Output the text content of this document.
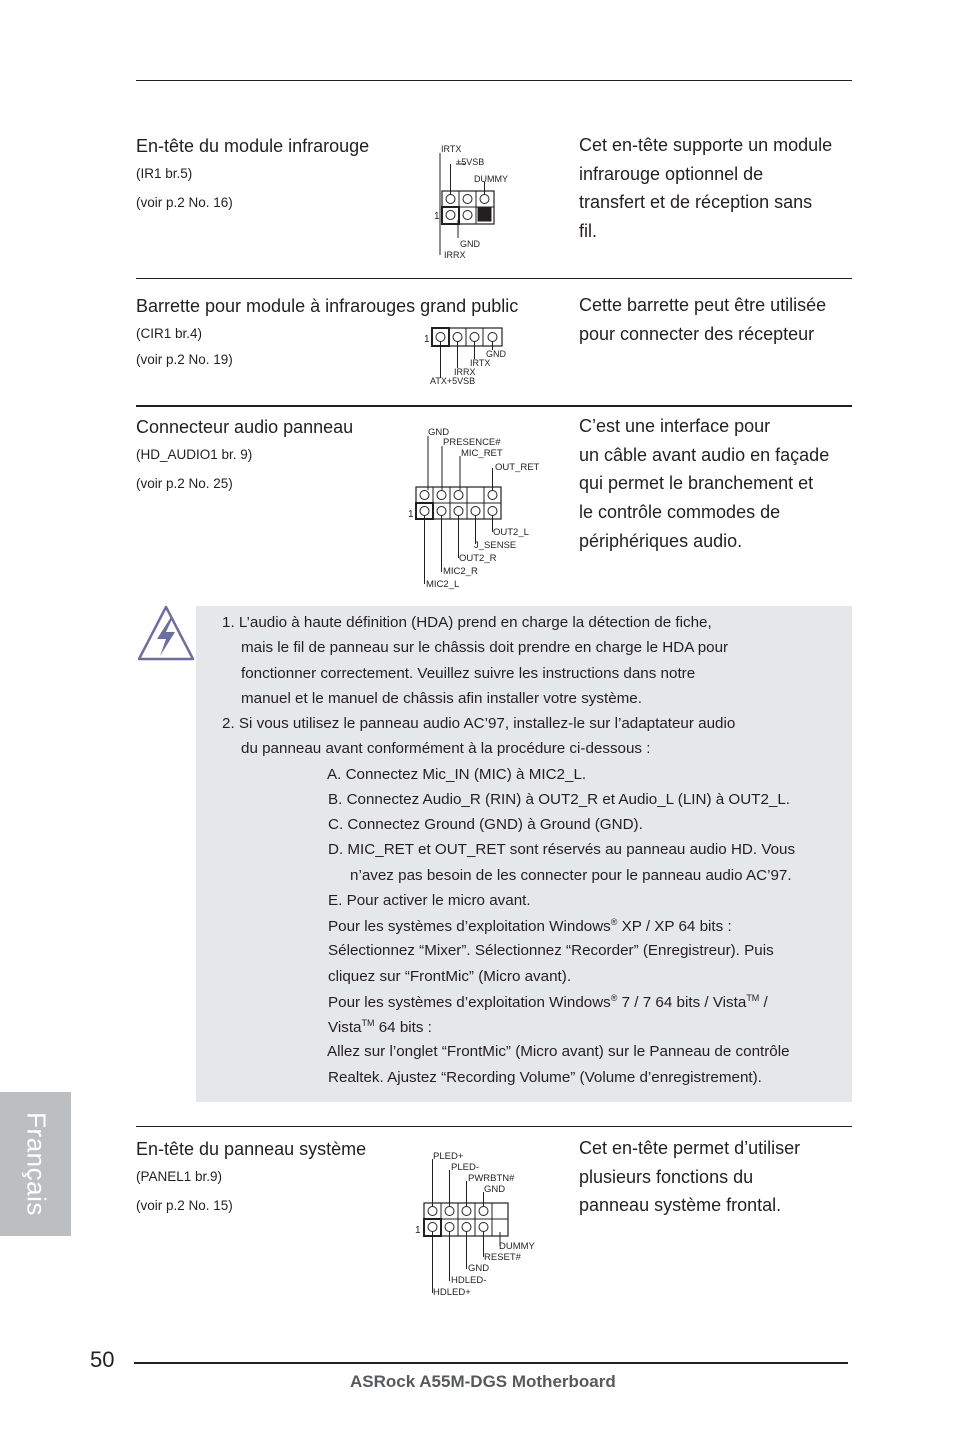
En-tête du module infrarouge
(IR1 br.5)
(voir p.2 No. 16)
Cet en-tête supporte un module
infrarouge optionnel de
transfert et de réception sans
fil.
IRTX
+5VSB
DUMMY
1
GND
IRRX
Barrette pour module à infrarouges grand public
(CIR1 br.4)
(voir p.2 No. 19)
Cette barrette peut être utilisée
pour connecter des récepteur
1
GND
IRTX
IRRX
ATX+5VSB
Connecteur audio panneau
(HD_AUDIO1 br. 9)
(voir p.2 No. 25)
C’est une interface pour
un câble avant audio en façade
qui permet le branchement et
le contrôle commodes de
périphériques audio.
GND
PRESENCE#
MIC_RET
OUT_RET
1
OUT2_L
J_SENSE
OUT2_R
MIC2_R
MIC2_L
1. L’audio à haute définition (HDA) prend en charge la détection de fiche,
mais le fil de panneau sur le châssis doit prendre en charge le HDA pour
fonctionner correctement. Veuillez suivre les instructions dans notre
manuel et le manuel de châssis afin installer votre système.
2. Si vous utilisez le panneau audio AC’97, installez-le sur l’adaptateur audio
du panneau avant conformément à la procédure ci-dessous :
A. Connectez Mic_IN (MIC) à MIC2_L.
B. Connectez Audio_R (RIN) à OUT2_R et Audio_L (LIN) à OUT2_L.
C. Connectez Ground (GND) à Ground (GND).
D. MIC_RET et OUT_RET sont réservés au panneau audio HD. Vous
n’avez pas besoin de les connecter pour le panneau audio AC’97.
E. Pour activer le micro avant.
Pour les systèmes d’exploitation Windows® XP / XP 64 bits :
Sélectionnez “Mixer”. Sélectionnez “Recorder” (Enregistreur). Puis
cliquez sur “FrontMic” (Micro avant).
Pour les systèmes d’exploitation Windows® 7 / 7 64 bits / Vista™ /
Vista™ 64 bits :
Allez sur l’onglet “FrontMic” (Micro avant) sur le Panneau de contrôle
Realtek. Ajustez “Recording Volume” (Volume d’enregistrement).
Français	En-tête du panneau système
(PANEL1 br.9)
(voir p.2 No. 15)
Cet en-tête permet d’utiliser
plusieurs fonctions du
panneau système frontal.
PLED+
PLED-
PWRBTN#
GND
1
DUMMY
RESET#
GND
HDLED-
HDLED+
50
ASRock A55M-DGS Motherboard
